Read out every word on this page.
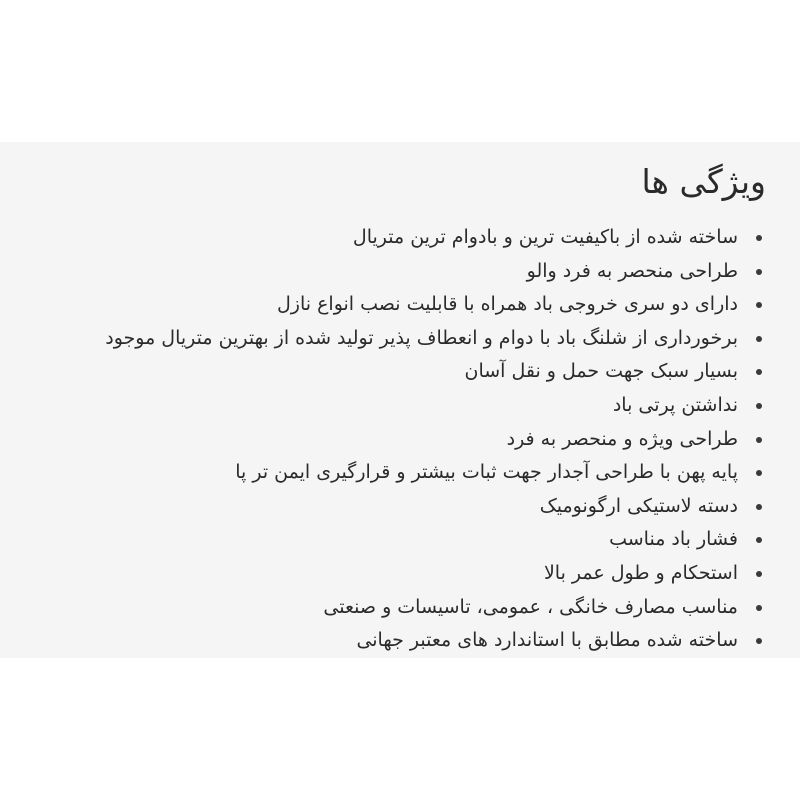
ویژگی ها
ساخته شده از باکیفیت ترین و بادوام ترین متریال
طراحی منحصر به فرد والو
دارای دو سری خروجی باد همراه با قابلیت نصب انواع نازل
برخورداری از شلنگ باد با دوام و انعطاف پذیر تولید شده از بهترین متریال موجود
بسیار سبک جهت حمل و نقل آسان
نداشتن پرتی باد
طراحی ویژه و منحصر به فرد
پایه پهن با طراحی آجدار جهت ثبات بیشتر و قرارگیری ایمن تر پا
دسته لاستیکی ارگونومیک
فشار باد مناسب
استحکام و طول عمر بالا
مناسب مصارف خانگی ، عمومی، تاسیسات و صنعتی
ساخته شده مطابق با استاندارد های معتبر جهانی
